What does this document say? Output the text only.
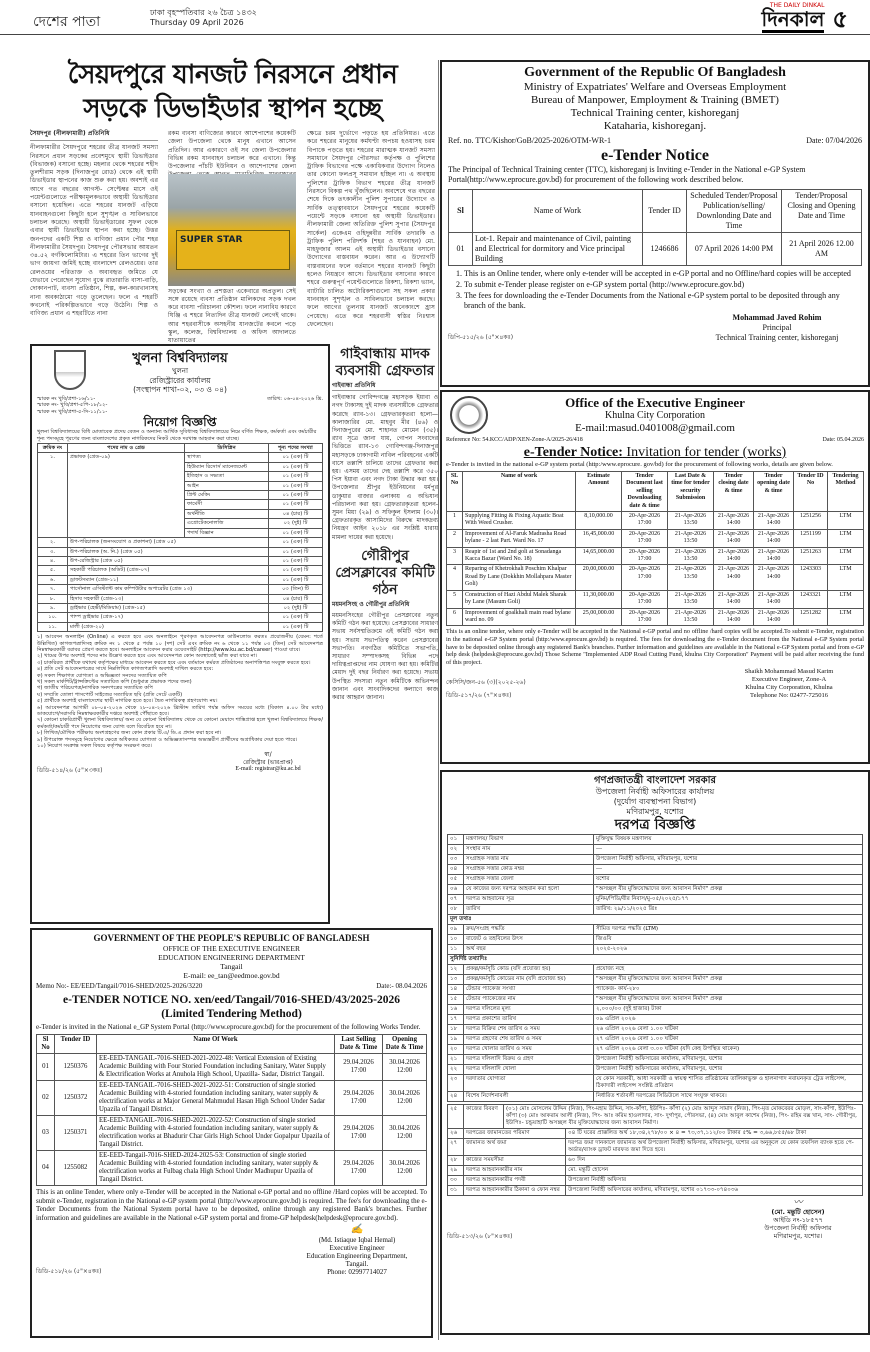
দেশের পাতা
ঢাকা বৃহস্পতিবার ২৬ চৈত্র ১৪৩২
Thursday 09 April 2026
THE DAILY DINKAL
দিনকাল ৫
সৈয়দপুরে যানজট নিরসনে প্রধান
সড়কে ডিভাইডার স্থাপন হচ্ছে
সৈয়দপুর (নীলফামারী) প্রতিনিধি
নীলফামারীর সৈয়দপুরে শহরের তীব্র যানজট সমস্যা নিরসনে প্রধান সড়কের প্রবেশমুখে স্থায়ী ডিভাইডার (বিভাজক) বসানো হচ্ছে। মহলার থেকে শহরের শহীদ তুলশীরাম সড়ক (দিনাজপুর রোড) থেকে এই স্থায়ী ডিভাইডার স্থাপনের কাজ শুরু করা হয়। অবশ্যই এর আগে গত বছরের আগস্ট- সেপ্টেম্বর মাসে ওই পয়েন্টগুলোতে পরীক্ষামূলকভাবে অস্থায়ী ডিভাইডার বসানো হয়েছিল। এতে শহরের যানজট এড়িয়ে যানবাহনগুলো কিছুটা হলে সুশৃঙ্খল ও সাবিলভাবে চলাচল করেছে। অস্থায়ী ডিভাইডারের সুফল থেকে এবার স্থায়ী ডিভাইডার স্থাপন করা হচ্ছে। উত্তর জনপদের একটি শিল্প ও বাণিজ্য প্রধান পৌর শহর নীলফামারীর সৈয়দপুর। সৈয়দপুর পৌরসভার আয়তন ৩৪.৫২ বর্গকিলোমিটার। এ শহরের তিন ভাগের দুই ভাগ জায়গা জমিই হচ্ছে বাংলাদেশ রেলওয়ের। তার রেলওয়ের পরিত্যক্ত ও অব্যবহৃত জমিতে যে যেভাবে পেরেছেন সুযোগ বুঝে রাতারাতি বাসা-বাড়ি, দোকানপাট, ব্যবসা প্রতিষ্ঠান, শিল্প, কল-কারখানাসহ নানা অবকাঠামো গড়ে তুলেছেন। ফলে এ শহরটি কখনোই পরিকল্পিতভাবে গড়ে উঠেনি। শিল্প ও বাণিজ্য প্রধান এ শহরটিতে নানা
রকম ব্যবসা বাণিজ্যের কারণে আশেপাশের কয়েকটি জেলা উপজেলা থেকে মানুষ এখানে আসেন প্রতিদিন। আর একারণে ওই সব জেলা উপজেলার বিভিন্ন রকম যানবাহন চলাচল করে এখানে। কিন্তু উপজেলার পাঁচটি ইউনিয়ন ও আশেপাশের জেলা
সড়কের সংখ্যা ও প্রশস্ততা একেবারে অপ্রতুল। সেই সঙ্গে রয়েছে ব্যবসা প্রতিষ্ঠান মালিকদের সড়ক দখল করে ব্যবসা পরিচালনা কৌশল। ফলে নানাবিধ কারণে ঘিঞ্জি এ শহরে নিত্যদিন তীব্র যানজট লেগেই থাকে। আর শহরবাসীকে অসহনীয় যানজটের কবলে পড়ে স্কুল, কলেজ, বিশ্ববিদ্যালয় ও অফিস আদালতে যাতায়াতের
SUPER STAR
ক্ষেত্রে চরম দুর্ভোগে পড়তে হয় প্রতিনিয়ত। এতে করে শহরের মানুষের কর্মঘণ্টা অপচয় হওয়াসহ চরম বিপাকে পড়তে হয়। শহরের মারাত্মক যানজট সমস্যা সমাধানে সৈয়দপুর পৌরসভা কর্তৃপক্ষ ও পুলিশের ট্রাফিক বিভাগের পক্ষে একাধিকবার উদ্যোগ নিলেও তার কোনো ফলপ্রসূ সমাধান হচ্ছিল না। এ অবস্থায় পুলিশের ট্রাফিক বিভাগ শহরের তীব্র যানজট নিরসনে বিকল্প পথ খুঁজছিলেন। অবশেষে গত বছরের শেষে দিকে তৎকালীন পুলিশ সুপারের উদ্যোগে ও সার্বিক তত্ত্বাবধানে সৈয়দপুরে শহরের কয়েকটি পয়েন্টে সড়কে বসানো হয় অস্থায়ী ডিভাইডার। নীলফামারী জেলা অতিরিক্ত পুলিশ সুপার (সৈয়দপুর সার্কেল) একেএম ওহিদুন্নবীর সার্বিক তদারকি ও ট্রাফিক পুলিশ পরিদর্শক (শহর ও যানবাহন) মো. মাহফুজার আলম এই অস্থায়ী ডিভাইডার বসানো উদ্যোগের বাস্তবায়ন করেন। আর এ উদ্যোগটি বাস্তবায়নের ফলে বর্তমানে শহরের যানজট কিছুটা হলেও নিয়ন্ত্রণে আসে। ডিভাইডার বসানোর কারণে শহরে গুরুত্বপূর্ণ পয়েন্টগুলোতে রিকশা, রিকশা ভ্যান, ব্যাটারি চালিত অটোরিকশাগুলো সহ সকল প্রকার যানবাহন সুশৃঙ্খল ও সাবিলভাবে চলাচল করছে। ফলে আগের তুলনায় যানজট অনেকাংশে হ্রাস পেয়েছে। এতে করে শহরবাসী স্বস্তির নিঃশ্বাস ফেলেছেন।
গাইবান্ধায় মাদক ব্যবসায়ী গ্রেফতার
গাইবান্ধা প্রতিনিধি
গাইবান্ধার গোবিন্দগঞ্জে মহাসড়ক ইয়াবা ও নগদ টাকাসহ দুই মাদক ব্যবসায়ীকে গ্রেফতার করেছে র‍্যাব-১৩। গ্রেফতারকৃতরা হলো— কালাজারির মো. মাহবুব মীর (৪৬) ও দিনাজপুরের মো. শাহানত মোমেন (৩৫)। র‍্যাব সূত্রে জানা যায়, গোপন সংবাদের ভিত্তিতে র‍্যাব-১৩ গোবিন্দগঞ্জ-দিনাজপুর মহাসড়কে ঢাকাগামী নাবিল পরিবহনের একটি বাসে তল্লাশি চালিয়ে তাদের গ্রেফতার করা হয়। এসময় তাদের দেহ তল্লাশি করে ৩৫০ পিস ইয়াবা এবং নগদ টাকা উদ্ধার করা হয়। উপজেলার শ্রীপুর ইউনিয়নের ধর্মপুর ডাকুয়ার বাজার এলাকায় এ অভিযান পরিচালনা করা হয়। গ্রেফতারকৃতরা হলেন-সুমন মিয়া (২৯) ও সফিকুল ইসলাম (৩০)। গ্রেফতারকৃত আসামিদের বিরুদ্ধে মাদকদ্রব্য নিয়ন্ত্রণ আইন ২০১৮ এর সংশ্লিষ্ট ধারায় মামলা দায়ের করা হয়েছে।
গৌরীপুর প্রেসক্লাবের কমিটি গঠন
ময়মনসিংহ ও গৌরীপুর প্রতিনিধি
ময়মনসিংহের গৌরীপুর প্রেসক্লাবের নতুন কমিটি গঠন করা হয়েছে। প্রেসক্লাবের সাধারণ সভায় সর্বসম্মতিক্রমে এই কমিটি গঠন করা হয়। সভায় সভাপতিত্ব করেন প্রেসক্লাবের সভাপতি। নবগঠিত কমিটিতে সভাপতি, সাধারণ সম্পাদকসহ বিভিন্ন পদে দায়িত্বপ্রাপ্তদের নাম ঘোষণা করা হয়। কমিটির মেয়াদ দুই বছর নির্ধারণ করা হয়েছে। সভায় উপস্থিত সদস্যরা নতুন কমিটিকে অভিনন্দন জানান এবং সাংবাদিকদের কল্যাণে কাজ করার আহ্বান জানান।
Government of the Republic Of Bangladesh
Ministry of Expatriates' Welfare and Overseas Employment
Bureau of Manpower, Employment & Training (BMET)
Technical Training center, kishoreganj
Kataharia, kishoreganj.
Ref. no. TTC/Kishor/GoB/2025-2026/OTM-WR-1	Date: 07/04/2026
e-Tender Notice
The Principal of Technical Training center (TTC), kishoreganj is Inviting e-Tender in the National e-GP System Portal(http://www.eprocure.gov.bd) for procurement of the following work described below.
Sl	Name of Work	Tender ID	Scheduled Tender/Proposal Publication/selling/ Downlonding Date and Time	Tender/Proposal Closing and Opening Date and Time
01	Lot-1. Repair and maintenance of Civil, painting and Electrical for dormitory and Vice principal Building	1246686	07 April 2026 14:00 PM	21 April 2026 12.00 AM
1. This is an Online tender, where only e-tender will be accepted in e-GP portal and no Offline/hard copies will be accepted
2. To submit e-Tender please register on e-GP system portal (http://www.eprocure.gov.bd)
3. The fees for downloading the e-Tender Documents from the National e-GP system portal to be deposited through any branch of the bank.
ডিপি-৫১৫/২৬ (৫"×৪কঃ)
Mohammad Javed Rohim
Principal
Technical Training center, kishoreganj
Office of the Executive Engineer
Khulna City Corporation
E-mail:masud.0401008@gmail.com
Reference No: 54.KCC/ADP/XEN-Zone-A/2025-26/418	Date: 05.04.2026
e-Tender Notice: Invitation for tender (works)
e-Tender is invited in the national e-GP system portal (http:/www.eprocure. gov/bd) for the procurement of following works, details are given below.
SL No	Name of work	Estimate Amount	Tender Document last selling Downloading date & time	Last Date & time for tender security Submission	Tender closing date & time	Tender opening date & time	Tender ID No	Tendering Method
1	Supplying Fitting & Fixing Aquatic Boat With Weed Crusher.	8,10,000.00	20-Apr-2026 17:00	21-Apr-2026 13:50	21-Apr-2026 14:00	21-Apr-2026 14:00	1251256	LTM
2	Improvement of Al-Faruk Madrasha Road bylane - 2 last Part. Ward No. 17	16,45,000.00	20-Apr-2026 17:00	21-Apr-2026 13:50	21-Apr-2026 14:00	21-Apr-2026 14:00	1251199	LTM
3	Reapir of 1st and 2nd goli at Sonadanga Kacca Bazar (Ward No. 18)	14,65,000.00	20-Apr-2026 17:00	21-Apr-2026 13:50	21-Apr-2026 14:00	21-Apr-2026 14:00	1251263	LTM
4	Reparing of Khetrokhali Poschim Khalpar Road By Lane (Dokkhin Mollahpara Master Goli)	20,00,000.00	20-Apr-2026 17:00	21-Apr-2026 13:50	21-Apr-2026 14:00	21-Apr-2026 14:00	1243303	LTM
5	Construction of Hazi Abdul Malek Sharak by Lane (Masum Goli)	11,30,000.00	20-Apr-2026 17:00	21-Apr-2026 13:50	21-Apr-2026 14:00	21-Apr-2026 14:00	1243321	LTM
6	Improvement of goalkhali main road bylane ward no. 09	25,00,000.00	20-Apr-2026 17:00	21-Apr-2026 13:50	21-Apr-2026 14:00	21-Apr-2026 14:00	1251282	LTM
This is an online tender, where only e-Tender will be accepted in the National e-GP portal and no offline /hard copies will be accepted.To submit e-Tender, registration in the national e-GP System portal (http:/www.eprocure.gov.bd) is required. The fees for downloading the e-Tender document from the National e-GP System portal have to be deposited online through any registered Bank's branches. Further information and guidelines are available in the National e-GP System portal and from e-GP help desk (helpdesk@eprocure.gov.bd) Those Scheme "Implemented ADP Road Cutting Fund, khulna City Corporation" Payment will be paid after receiving the fund of this project.
কেসিসি/জন-৫৬ (৩)(২০২৫-২৬)
ডিডি-৫১৭/২৬ (৭"×৪কঃ)
Shaikh Mohammad Masud Karim
Executive Engineer, Zone-A
Khulna City Corporation, Khulna
Telephone No: 02477-725016
গণপ্রজাতন্ত্রী বাংলাদেশ সরকার
উপজেলা নির্বাহী অফিসারের কার্যালয়
(দুর্যোগ ব্যবস্থাপনা বিভাগ)
মণিরামপুর, যশোর
দরপত্র বিজ্ঞপ্তি
০১	মন্ত্রণালয়/ বিভাগ	মুক্তিযুদ্ধ বিষয়ক মন্ত্রণালয়
০২	সংস্থার নাম	---
০৩	সংগ্রাহক সত্তার নাম	উপজেলা নির্বাহী অফিসার, মণিরামপুর, যশোর
০৪	সংগ্রাহক সত্তার কোড নম্বর	---
০৫	সংগ্রাহক সত্তার জেলা	যশোর
০৬	যে কাজের জন্য দরপত্র আহবান করা হলো	"অসচ্ছল বীর মুক্তিযোদ্ধাদের জন্য আবাসন নির্মাণ" প্রকল্প
০৭	দরপত্র আহবানের সূত্র	মুনিম/পিডি/বীর নিবাস/মু-০৫/২০২৫/১৭৭
০৮	তারিখ	তারিখ: ২৯/১১/২০২৫ খ্রিঃ
মূল তথ্যঃ		
০৯	ক্রয়/সংগ্রহ পদ্ধতি	সীমিত দরপত্র পদ্ধতি (LTM)
১০	বাজেট ও তহবিলের উৎস	জিওবি
১১	অর্থ বছর	২০২৫-২০২৬
সুনির্দিষ্ট তথ্যাদিঃ		
১২	প্রকল্প/কর্মসূচি কোড (যদি প্রযোজ্য হয়)	প্রযোজ্য নহে
১৩	প্রকল্প/কর্মসূচি কোডের নাম (যদি প্রযোজ্য হয়)	"অসচ্ছল বীর মুক্তিযোদ্ধাদের জন্য আবাসন নির্মাণ" প্রকল্প
১৪	টেন্ডার প্যাকেজ সংখ্যা	প্যাকেজ- কার্য-২৮০
১৫	টেন্ডার প্যাকেজের নাম	"অসচ্ছল বীর মুক্তিযোদ্ধাদের জন্য আবাসন নির্মাণ" প্রকল্প
১৬	দরপত্র দলিলের মূল্য	২,০০০/০০ (দুই হাজার) টাকা
১৭	দরপত্র প্রকাশের তারিখ	০৯ এপ্রিল ২০২৬
১৮	দরপত্র বিক্রির শেষ তারিখ ও সময়	২৬ এপ্রিল ২০২৬ বেলা ১.০০ ঘটিকা
১৯	দরপত্র গ্রহণের শেষ তারিখ ও সময়	২৭ এপ্রিল ২০২৬ বেলা ১.০০ ঘটিকা
২০	দরপত্র খোলার তারিখ ও সময়	২৭ এপ্রিল ২০২৬ বেলা ৩.০০ ঘটিকা (যদি কেহ উপস্থিত থাকেন)
২১	দরপত্র দলিলাদি বিক্রয় ও গ্রহণ	উপজেলা নির্বাহী অফিসারের কার্যালয়, মণিরামপুর, যশোর
২২	দরপত্র দলিলাদি খোলা	উপজেলা নির্বাহী অফিসারের কার্যালয়, মণিরামপুর, যশোর
২৩	দরদাতার যোগ্যতা	যে কোন সরকারী, আধা সরকারী ও স্বায়ত্ব শাসিত প্রতিষ্ঠানের তালিকাভুক্ত ও হালনাগাদ নবায়নকৃত ট্রেড লাইসেন্স, ঠিকাদারী লাইসেন্স সংশ্লিষ্ট প্রতিষ্ঠান
২৪	বিশেষ নির্দেশনাবলী	নির্ধারিত শর্তাবলী দরপত্রের সিডিউলে সাথে সংযুক্ত থাকবে।
২৫	কাজের বিবরণ	(০১) মোঃ মোসলেম উদ্দিন (নিজ), পিং-মহাম উদ্দিন, সাং-কাঁপা, ইউপিঃ- কাঁপা (২) মোঃ আব্দুস সামাদ (নিজ), পিং-মৃত মোকবেরর মোড়ল, সাং-কাঁপা, ইউপিঃ-কাঁপা (৩) মোঃ আকরাম আলী (নিজ), পিং- আঃ করিম হাওলাদার, সাং- দুর্গাপুর, পৌরসভা, (৪) মোঃ আবুল কাশেম (নিজ), পিং- রহিম বক্স খান, সাং- গৌরীপুর, ইউপিঃ- চন্ডুয়াহাটি অসচ্ছল বীর মুক্তিযোদ্ধাদের জন্য আবাসন নির্মাণ।	
২৬	দরপত্রের জামানতের পরিমাণ		০৪ টি ঘরের প্রাক্কলিত অর্থ ১৮,৩৪,২৭৮/০০ × ৪ = ৭৩,৩৭,১১২/০০ টাকার ৫% = ৩,৬৬,৮৫৫/৬৮ টাকা
২৭	জামানত অর্থ জমা		দরপত্র জমা দানকালে জামানত অর্থ উপজেলা নির্বাহী অফিসার, মণিরামপুর, যশোর এর অনুকূলে যে কোন তফসিল ব্যাংক হতে পে-অর্ডার/ব্যাংক ড্রাফট মারফত জমা দিতে হবে।
২৮	কাজের সময়সীমা		৬০ দিন
২৯	দরপত্র আহবানকারীর নাম		মো. মন্তুটি হোসেন
৩০	দরপত্র আহবানকারীর পদবী		উপজেলা নির্বাহী অফিসার
৩১	দরপত্র আহবানকারীর ঠিকানা ও ফোন নম্বর		উপজেলা নির্বাহী অফিসারের কার্যালয়, মণিরামপুর, যশোর ০১৭৩৩-০৭৪০৩৬
ডিডি-৫১৩/২৬ (৮"×৪কঃ)
〰︎
(মো. মন্তুটি হোসেন)
আইডি নং-১৮৫৭৭
উপজেলা নির্বাহী অফিসার
মণিরামপুর, যশোর।
খুলনা বিশ্ববিদ্যালয়
খুলনা
রেজিস্ট্রারের কার্যালয়
(সংস্থাপন শাখা-০২, ০৩ ও ০৪)
স্মারক নং খুবি/প্রশা-১৬/১১-
স্মারক নং- খুবি/প্রশা-৫পি-১৮/১২-
স্মারক নং খুবি/প্রশা-৫-সি-১১/১১-
তারিখ: ০৬-০৪-২০২৬ খ্রি.
নিয়োগ বিজ্ঞপ্তি
খুলনা বিশ্ববিদ্যালয়ের বিধি মোতাবেক প্রদেয় বেতন ও অন্যান্য আর্থিক সুবিধাসহ বিশ্ববিদ্যালয়ের নিম্নে বর্ণিত শিক্ষক, কর্মকর্তা এবং কর্মচারীর শূন্য পদসমূহে পূরণের জন্য বাংলাদেশের প্রকৃত নাগরিকদের নিকট থেকে দরখাস্ত আহবান করা যাচ্ছে।
ক্রমিক নং	পদের নাম ও গ্রেড	ডিসিপ্লিন	শূন্য পদের সংখ্যা
১.	প্রভাষক (গ্রেড-০৯)	স্থাপত্য	০১ (এক) টি
		হিউম্যান রিসোর্স ম্যানেজমেন্ট	০১ (এক) টি
		ইতিহাস ও সভ্যতা	০১ (এক) টি
		আইন	০১ (এক) টি
		প্রিন্ট মেকিং	০১ (এক) টি
		ফার্মেসী	০১ (এক) টি
		অর্থনীতি	০৪ (চার) টি
		এগ্রোটেকনোলজি	০২ (দুই) টি
		পদার্থ বিজ্ঞান	০১ (এক) টি
২.	উপ-পরিচালক (জনসংযোগ ও প্রকাশনা) (গ্রেড ০৫)		০১ (এক) টি
৩.	উপ-পরিচালক (অ. নি.) (গ্রেড ০৫)		০১ (এক) টি
৪.	উপ-রেজিস্ট্রার (গ্রেড ০৫)		০১ (এক) টি
৫.	সহকারী পরিচালক (অডিট) (গ্রেড-০৭)		০১ (এক) টি
৬.	ড্রাফটসম্যান (গ্রেড-১১)		০১ (এক) টি
৭.	পার্সোনাল এসিস্ট্যান্ট কাম কম্পিউটার অপারেটর (গ্রেড ১৩)		০৩ (তিন) টি
৮.	হিসাব সহকারী (গ্রেড-১৩)		০৪ (চার) টি
৯.	ড্রাইভার (হেভী/মিডিয়াম) (গ্রেড-১৫)		০২ (দুই) টি
১০.	পাম্প ড্রাইভার (গ্রেড-১৭)		০১ (এক) টি
১১.	মালী (গ্রেড-২০)		০১ (এক) টি
১) আবেদন অনলাইন (Online) এ করতে হবে এবং অনলাইনে পূরণকৃত আবেদনপত্র ডাউনলোড করতঃ প্রয়োজনীয় (যেমন: শর্তে উল্লিখিত) কাগজপত্রাদিসহ ক্রমিক নং ১ থেকে ৫ পর্যন্ত ১০ (দশ) সেট এবং ক্রমিক নং ৬ থেকে ১১ পর্যন্ত ০৩ (তিন) সেট আবেদনপত্র নিম্নস্বাক্ষরকারী বরাবর প্রেরণ করতে হবে। অনলাইনে আবেদন করার ওয়েবসাইট (http://www.ku.ac.bd/career) পাওয়া যাবে।
২) খামের উপর অবশ্যই পদের নাম উল্লেখ করতে হবে এবং আবেদনপত্র কোন অবস্থাতেই ভাঁজ করা যাবে না।
৩) চাকরিরত প্রার্থীকে যথাযথ কর্তৃপক্ষের মাধ্যমে আবেদন করতে হবে এবং বর্তমানে কর্মরত প্রতিষ্ঠানের অনাপত্তিপত্র সংযুক্ত করতে হবে।
৪) প্রতি সেট আবেদনপত্রের সাথে নিম্নলিখিত কাগজপত্রাদি অবশ্যই দাখিল করতে হবে:
ক) সকল শিক্ষাগত যোগ্যতা ও অভিজ্ঞতা সনদের সত্যায়িত কপি
খ) সকল মার্কশিট/ট্রান্সক্রিপ্টের সত্যায়িত কপি (শুধুমাত্র প্রভাষক পদের জন্য)
গ) জাতীয় পরিচয়পত্র/নাগরিক সনদপত্রের সত্যায়িত কপি
ঘ) সম্প্রতি তোলা পাসপোর্ট সাইজের সত্যায়িত ছবি (প্রতি সেটে একটি)
৫) প্রার্থীকে অবশ্যই বাংলাদেশের স্থায়ী নাগরিক হতে হবে। দ্বৈত নাগরিকত্ব গ্রহণযোগ্য নয়।
৬) আবেদনপত্র আগামী ০৮-০৪-২০২৬ থেকে ২৮-০৪-২০২৬ খ্রিস্টাব্দ তারিখ পর্যন্ত অফিস সময়ের মধ্যে (বিকাল ৪.০০ টার মধ্যে) ডাকযোগে/সরাসরি নিম্নস্বাক্ষরকারীর দপ্তরে অবশ্যই পৌঁছাতে হবে।
৭) কোনো চাকরিপ্রার্থী খুলনা বিশ্ববিদ্যালয়/ অন্য যে কোনো বিশ্ববিদ্যালয় থেকে যে কোনো মেয়াদে শাস্তিপ্রাপ্ত হলে খুলনা বিশ্ববিদ্যালয়ে শিক্ষক/কর্মকর্তা/কর্মচারী পদে নিয়োগের জন্য যোগ্য বলে বিবেচিত হবে না।
৮) লিখিত/মৌখিক পরীক্ষায় অংশগ্রহণের জন্য কোন প্রকার টি.এ/ ডি.এ প্রদান করা হবে না।
৯) উপরোক্ত পদসমূহে নিয়োগের ক্ষেত্রে অধিকতর যোগ্যতা ও অভিজ্ঞতাসম্পন্ন অভ্যন্তরীণ প্রার্থীদের অগ্রাধিকার দেয়া হতে পারে।
১০) নিয়োগ সংক্রান্ত সকল বিষয়ে কর্তৃপক্ষ সংরক্ষণ করে।
ডিডি-৫১৪/২৬ (৫"×৩কঃ)
স্বা/
রেজিস্ট্রার (ভারপ্রাপ্ত)
E-mail: registrar@ku.ac.bd
GOVERNMENT OF THE PEOPLE'S REPUBLIC OF BANGLADESH
OFFICE OF THE EXECUTIVE ENGINEER
EDUCATION ENGINEERING DEPARTMENT
Tangail
E-mail: ee_tan@eedmoe.gov.bd
Memo No:- EE/EED/Tangail/7016-SHED/2025-2026/3220	Date:- 08.04.2026
e-TENDER NOTICE NO. xen/eed/Tangail/7016-SHED/43/2025-2026
(Limited Tendering Method)
e-Tender is invited in the National e_GP System Portal (http://www.eprocure.gov.bd) for the procurement of the following Works Tender.
Sl No	Tender ID	Name Of Work	Last Selling Date & Time	Opening Date & Time
01	1250376	EE-EED-TANGAIL-7016-SHED-2021-2022-48: Vertical Extension of Existing Academic Building with Four Storied Foundation including Sanitary, Water Supply & Electrification Works at Anuhola High School, Upazilla- Sadar, District Tangail.	29.04.2026 17:00	30.04.2026 12:00
02	1250372	EE-EED-TANGAIL-7016-SHED-2021-2022-51: Construction of single storied Academic Building with 4-storied foundation including sanitary, water supply & electrification works at Major General Mahmudul Hasan High School Under Sadar Upazila of Tangail District.	29.04.2026 17:00	30.04.2026 12:00
03	1250371	EE-EED-TANGAIL-7016-SHED-2021-2022-52: Construction of single storied Academic Building with 4-storied foundation including sanitary, water supply & electrification works at Bhadurir Char Girls High School Under Gopalpur Upazila of Tangail District.	29.04.2026 17:00	30.04.2026 12:00
04	1255082	EE-EED-Tangail-7016-SHED-2024-2025-53: Construction of single storied Academic Building with 4-storied foundation including sanitary, water supply & electrification works at Fulbag chala High School Under Madhupur Upazila of Tangail District.	29.04.2026 17:00	30.04.2026 12:00
This is an online Tender, where only e-Tender will be accepted in the National e-GP portal and no offline /Hard copies will be accepted. To submit e-Tender, registration in the National e-GP system portal (http://www.eprocure.gov.bd) is required. The fee's for downloading the e-Tender Documents from the National System portal have to be deposited, online through any registered Bank's branches. Further information and guidelines are available in the National e-GP system portal and frome-GP helpdesk(helpdesk@eprocure.gov.bd).
ডিডি-৫১৮/২৬ (৫"×৪কঃ)
✍
(Md. Istiaque Iqbal Hemal)
Executive Engineer
Education Engineering Department,
Tangail.
Phone: 02997714027
